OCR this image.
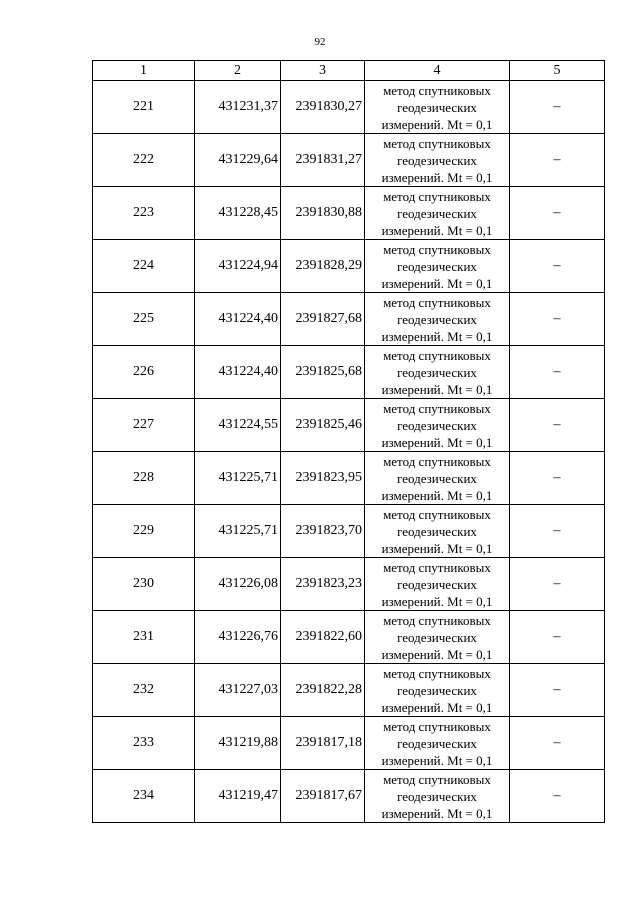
92
1	2	3	4	5
221	431231,37	2391830,27	метод спутниковых геодезических измерений. Mt = 0,1	–
222	431229,64	2391831,27	метод спутниковых геодезических измерений. Mt = 0,1	–
223	431228,45	2391830,88	метод спутниковых геодезических измерений. Mt = 0,1	–
224	431224,94	2391828,29	метод спутниковых геодезических измерений. Mt = 0,1	–
225	431224,40	2391827,68	метод спутниковых геодезических измерений. Mt = 0,1	–
226	431224,40	2391825,68	метод спутниковых геодезических измерений. Mt = 0,1	–
227	431224,55	2391825,46	метод спутниковых геодезических измерений. Mt = 0,1	–
228	431225,71	2391823,95	метод спутниковых геодезических измерений. Mt = 0,1	–
229	431225,71	2391823,70	метод спутниковых геодезических измерений. Mt = 0,1	–
230	431226,08	2391823,23	метод спутниковых геодезических измерений. Mt = 0,1	–
231	431226,76	2391822,60	метод спутниковых геодезических измерений. Mt = 0,1	–
232	431227,03	2391822,28	метод спутниковых геодезических измерений. Mt = 0,1	–
233	431219,88	2391817,18	метод спутниковых геодезических измерений. Mt = 0,1	–
234	431219,47	2391817,67	метод спутниковых геодезических измерений. Mt = 0,1	–
